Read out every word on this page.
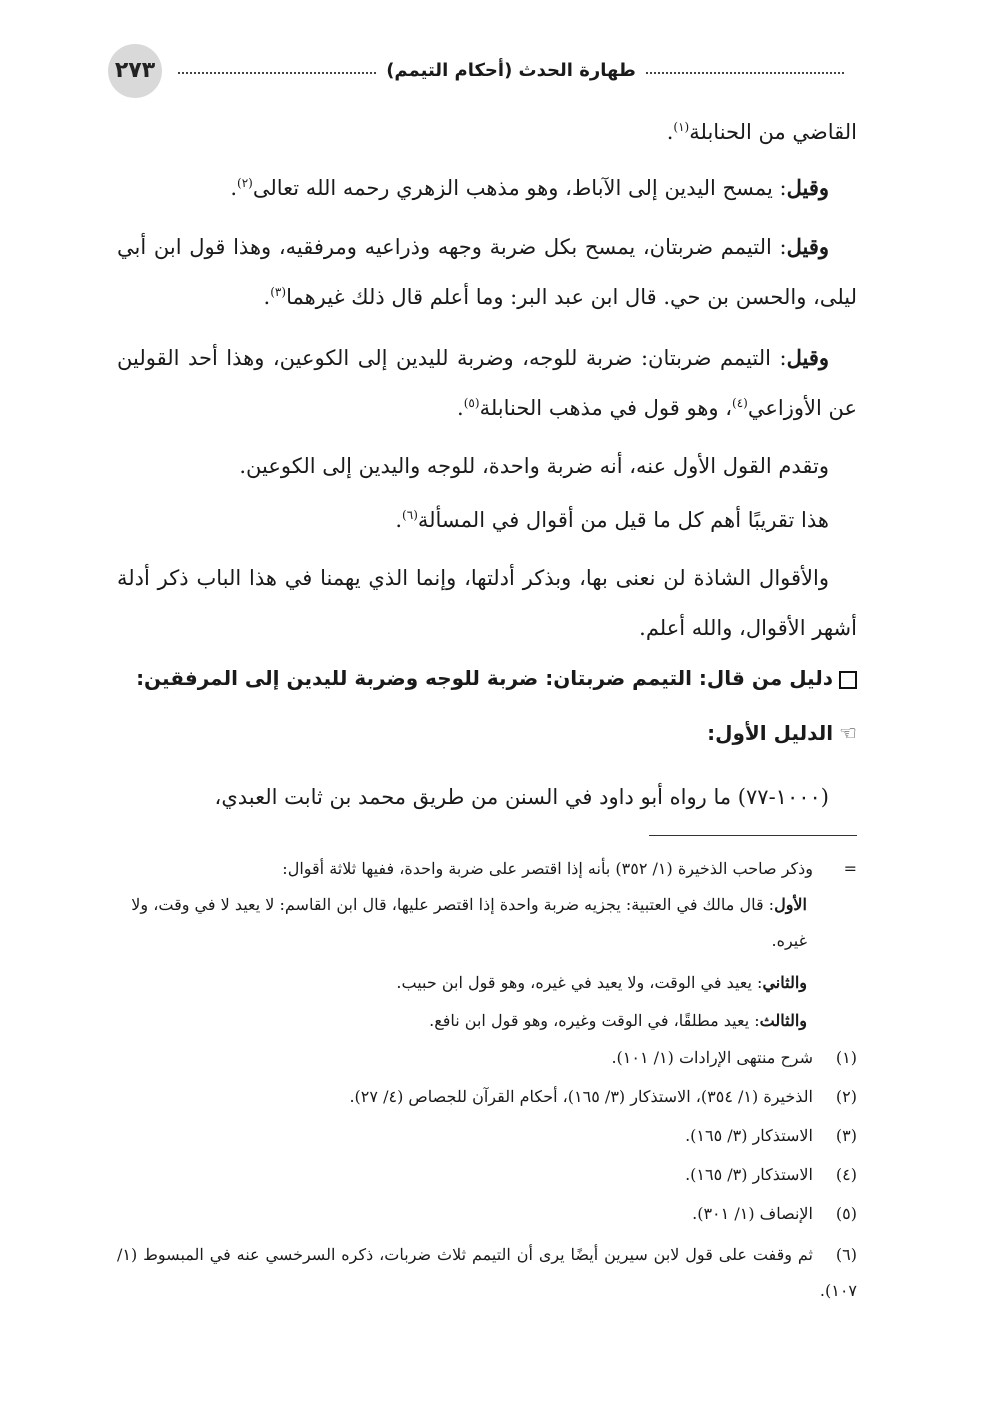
٢٧٣	طهارة الحدث (أحكام التيمم)
القاضي من الحنابلة$^{(١)}$.
وقيل: يمسح اليدين إلى الآباط، وهو مذهب الزهري رحمه الله تعالى$^{(٢)}$.
وقيل: التيمم ضربتان، يمسح بكل ضربة وجهه وذراعيه ومرفقيه، وهذا قول ابن أبي ليلى، والحسن بن حي. قال ابن عبد البر: وما أعلم قال ذلك غيرهما$^{(٣)}$.
وقيل: التيمم ضربتان: ضربة للوجه، وضربة لليدين إلى الكوعين، وهذا أحد القولين عن الأوزاعي$^{(٤)}$، وهو قول في مذهب الحنابلة$^{(٥)}$.
وتقدم القول الأول عنه، أنه ضربة واحدة، للوجه واليدين إلى الكوعين.
هذا تقريبًا أهم كل ما قيل من أقوال في المسألة$^{(٦)}$.
والأقوال الشاذة لن نعنى بها، وبذكر أدلتها، وإنما الذي يهمنا في هذا الباب ذكر أدلة أشهر الأقوال، والله أعلم.
دليل من قال: التيمم ضربتان: ضربة للوجه وضربة لليدين إلى المرفقين:
☜الدليل الأول:
(١٠٠٠-٧٧) ما رواه أبو داود في السنن من طريق محمد بن ثابت العبدي،
=وذكر صاحب الذخيرة (١/ ٣٥٢) بأنه إذا اقتصر على ضربة واحدة، ففيها ثلاثة أقوال:
الأول: قال مالك في العتبية: يجزيه ضربة واحدة إذا اقتصر عليها، قال ابن القاسم: لا يعيد لا في وقت، ولا غيره.
والثاني: يعيد في الوقت، ولا يعيد في غيره، وهو قول ابن حبيب.
والثالث: يعيد مطلقًا، في الوقت وغيره، وهو قول ابن نافع.
(١)شرح منتهى الإرادات (١/ ١٠١).
(٢)الذخيرة (١/ ٣٥٤)، الاستذكار (٣/ ١٦٥)، أحكام القرآن للجصاص (٤/ ٢٧).
(٣)الاستذكار (٣/ ١٦٥).
(٤)الاستذكار (٣/ ١٦٥).
(٥)الإنصاف (١/ ٣٠١).
(٦)ثم وقفت على قول لابن سيرين أيضًا يرى أن التيمم ثلاث ضربات، ذكره السرخسي عنه في المبسوط (١/ ١٠٧).
